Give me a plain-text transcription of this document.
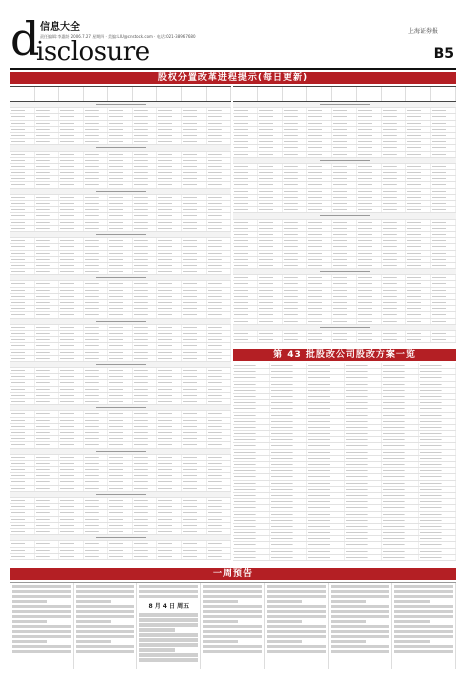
d 信息大全
责任编辑:李惠龄 2006.7.27 星期四 · 美编:LIU@cnstock.com · 电话:021-38967680
isclosure
上海证券报
B5
股权分置改革进程提示(每日更新)
第 43 批股改公司股改方案一览
一周预告
8 月 4 日 周五
